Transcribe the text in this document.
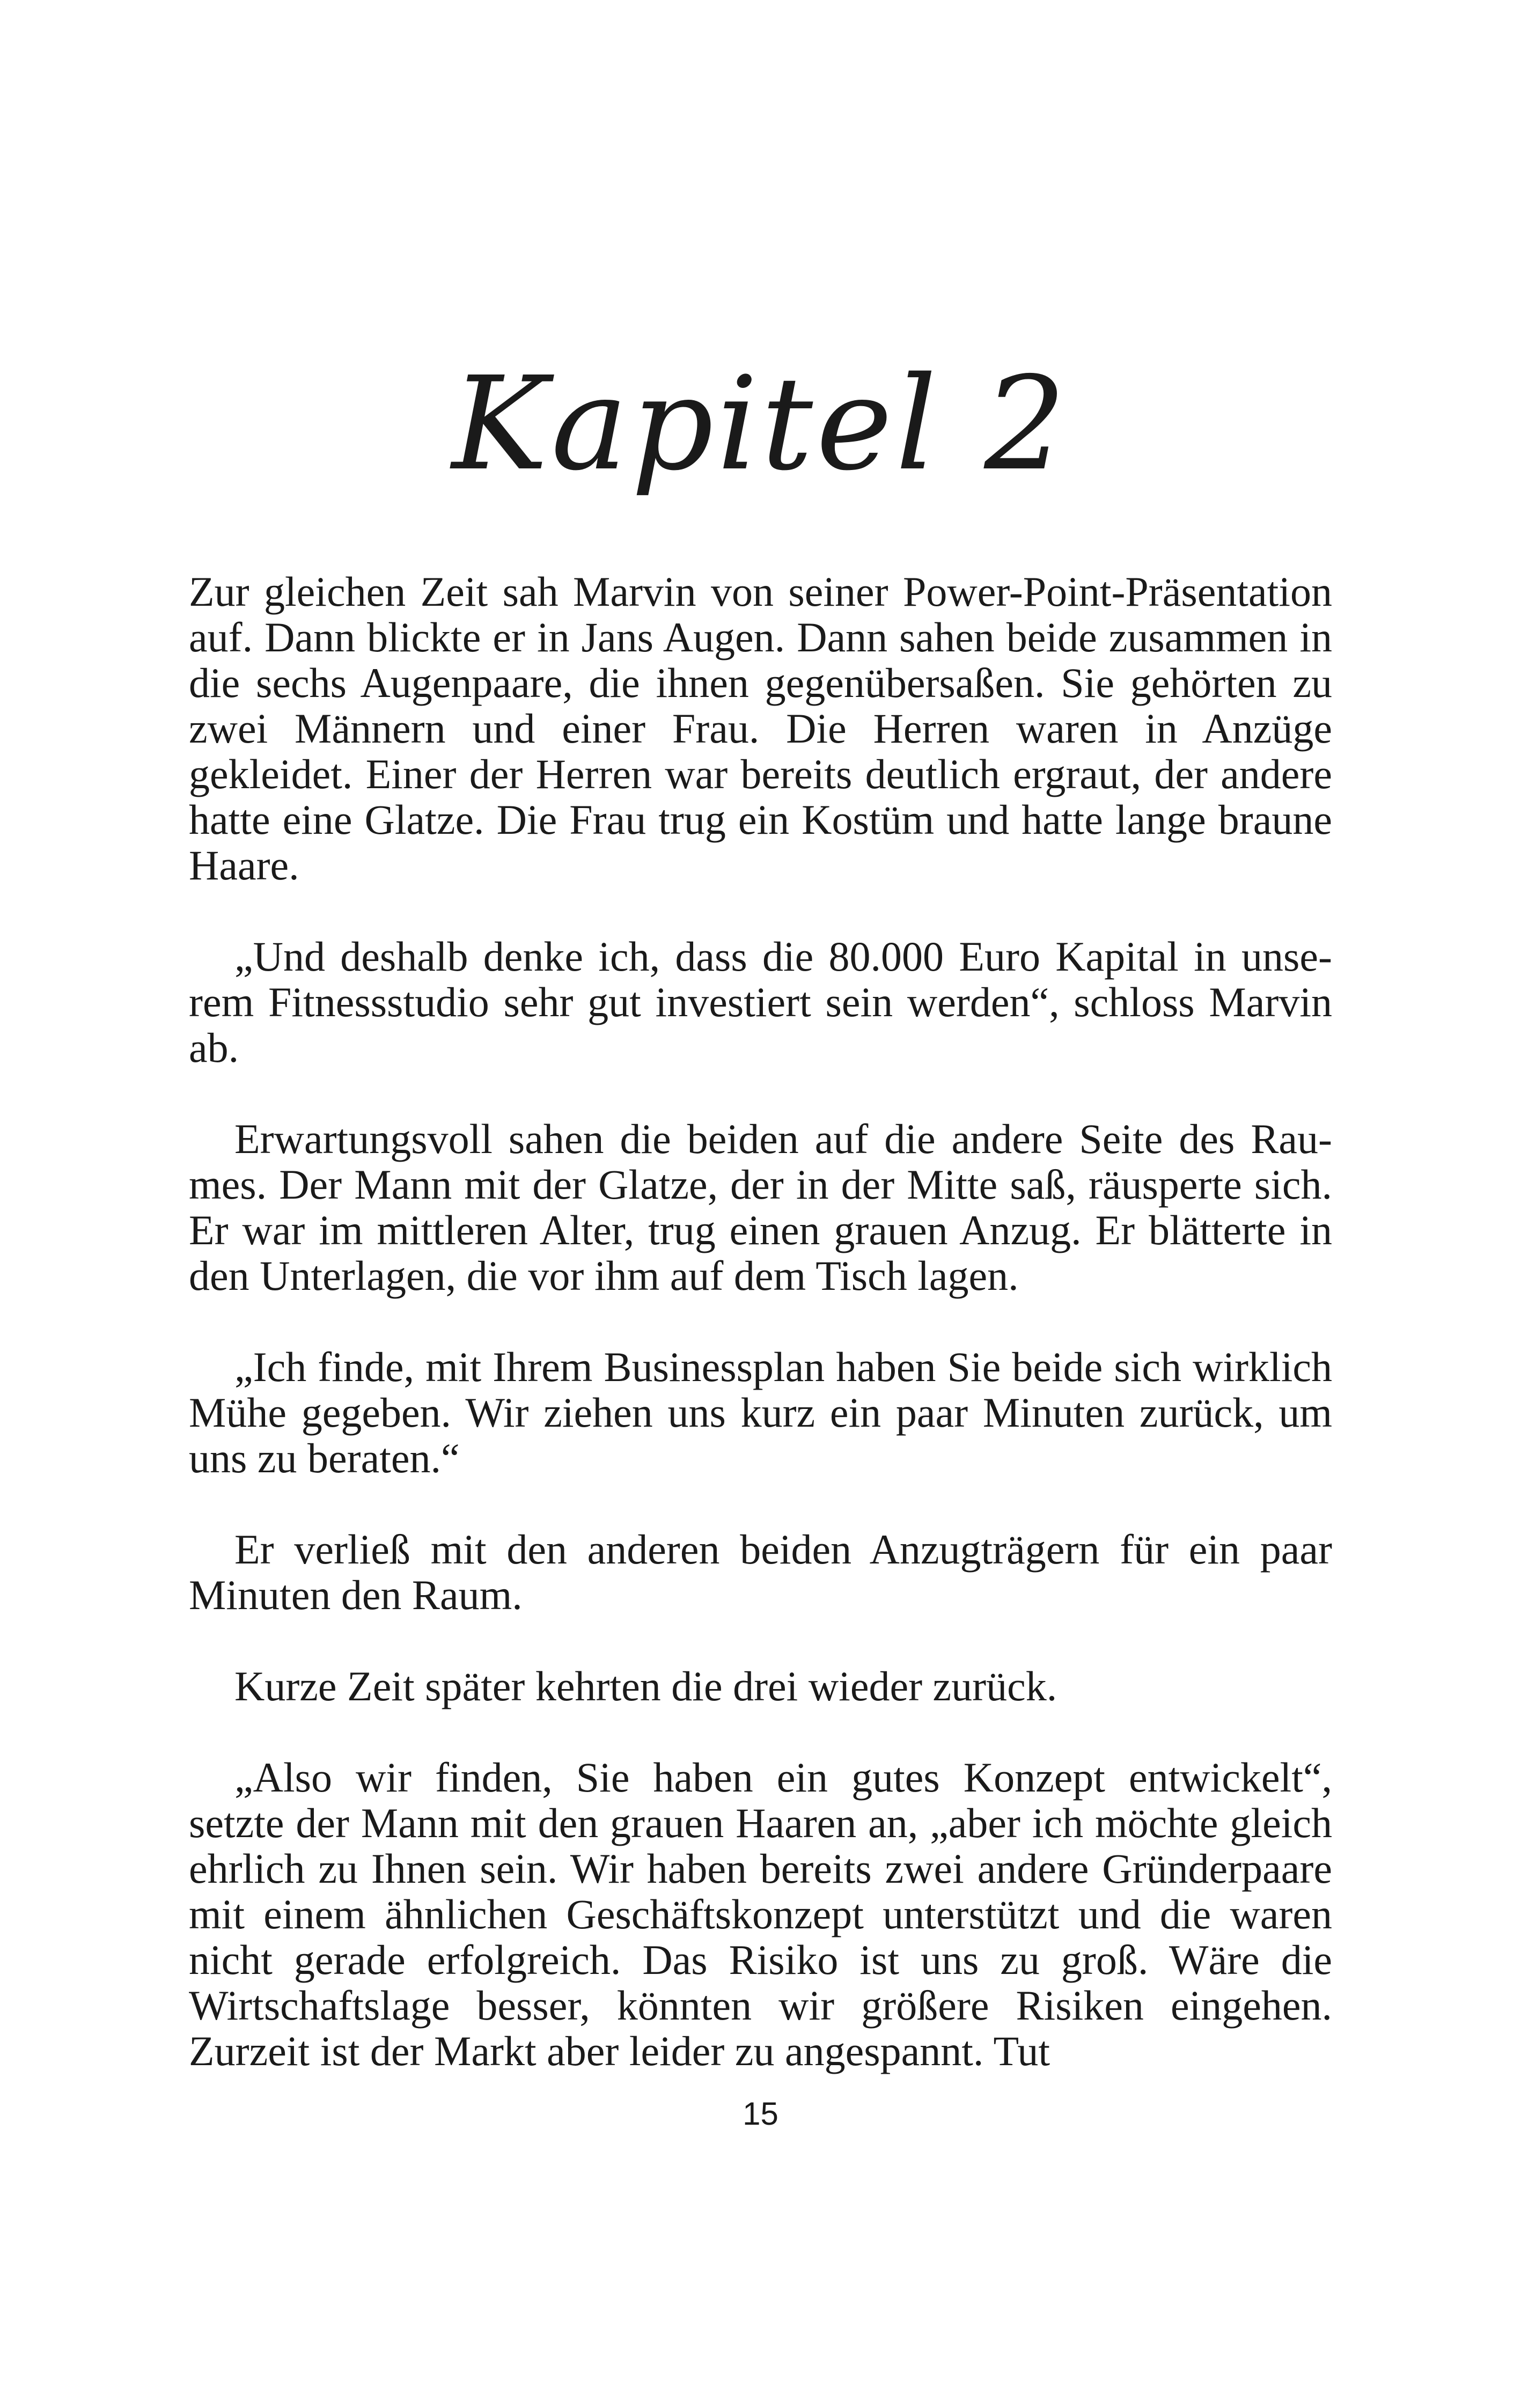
Kapitel 2

Zur gleichen Zeit sah Marvin von seiner Power-Point-Präsentation auf. Dann blickte er in Jans Augen. Dann sahen beide zusammen in die sechs Augenpaare, die ihnen gegenübersaßen. Sie gehörten zu zwei Männern und einer Frau. Die Herren waren in Anzüge gekleidet. Einer der Herren war bereits deutlich ergraut, der andere hatte eine Glatze. Die Frau trug ein Kostüm und hatte lange braune Haare.

„Und deshalb denke ich, dass die 80.000 Euro Kapital in unserem Fitnessstudio sehr gut investiert sein werden“, schloss Marvin ab.

Erwartungsvoll sahen die beiden auf die andere Seite des Raumes. Der Mann mit der Glatze, der in der Mitte saß, räusperte sich. Er war im mittleren Alter, trug einen grauen Anzug. Er blätterte in den Unterlagen, die vor ihm auf dem Tisch lagen.

„Ich finde, mit Ihrem Businessplan haben Sie beide sich wirklich Mühe gegeben. Wir ziehen uns kurz ein paar Minuten zurück, um uns zu beraten.“

Er verließ mit den anderen beiden Anzugträgern für ein paar Minuten den Raum.

Kurze Zeit später kehrten die drei wieder zurück.

„Also wir finden, Sie haben ein gutes Konzept entwickelt“, setzte der Mann mit den grauen Haaren an, „aber ich möchte gleich ehrlich zu Ihnen sein. Wir haben bereits zwei andere Gründerpaare mit einem ähnlichen Geschäftskonzept unterstützt und die waren nicht gerade erfolgreich. Das Risiko ist uns zu groß. Wäre die Wirtschaftslage besser, könnten wir größere Risiken eingehen. Zurzeit ist der Markt aber leider zu angespannt. Tut

15
